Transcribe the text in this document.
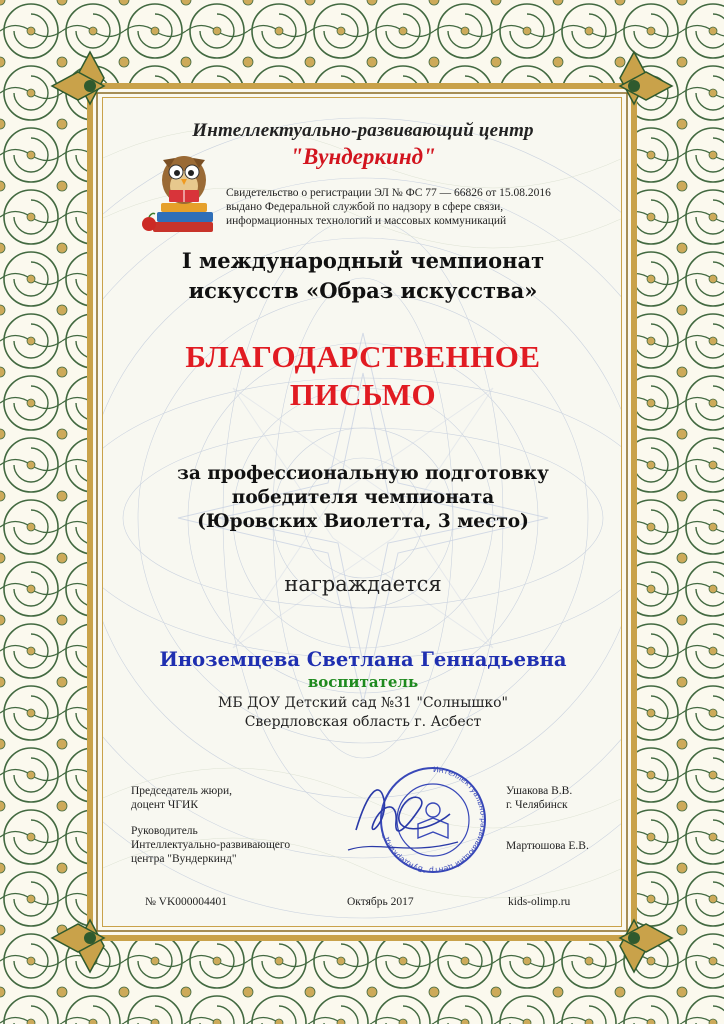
Интеллектуально-развивающий центр
"Вундеркинд"
Свидетельство о регистрации ЭЛ № ФС 77 — 66826 от 15.08.2016
выдано Федеральной службой по надзору в сфере связи,
информационных технологий и массовых коммуникаций
I международный чемпионат
искусств «Образ искусства»
БЛАГОДАРСТВЕННОЕ
ПИСЬМО
за профессиональную подготовку
победителя чемпионата
(Юровских Виолетта, 3 место)
награждается
Иноземцева Светлана Геннадьевна
воспитатель
МБ ДОУ Детский сад №31 "Солнышко"
Свердловская область г. Асбест
Председатель жюри,
доцент ЧГИК
Ушакова В.В.
г. Челябинск
Руководитель
Интеллектуально-развивающего
центра "Вундеркинд"
Мартюшова Е.В.
Интеллектуально-развивающий центр "Вундеркинд"
№ VK000004401	Октябрь 2017	kids-olimp.ru
